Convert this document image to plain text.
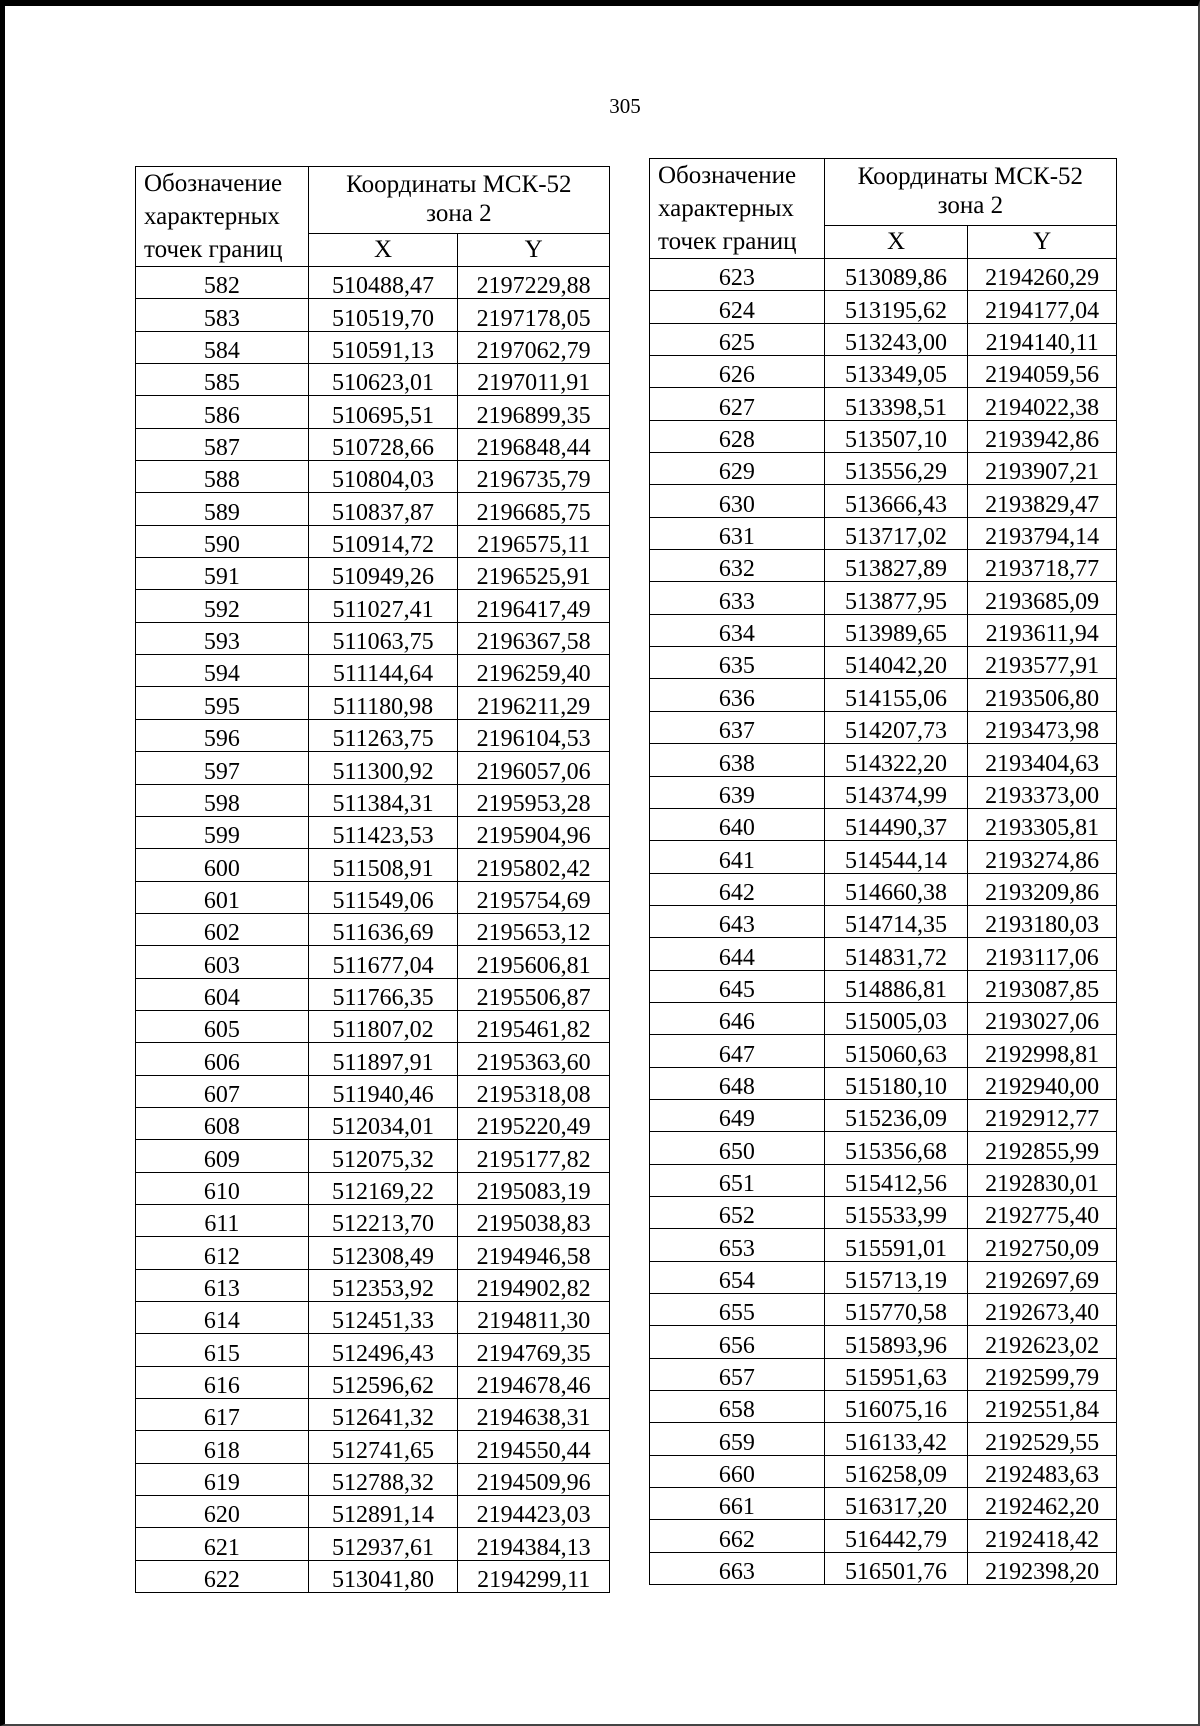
305
Обозначение
характерных
точек границ	Координаты МСК-52
зона 2	
	X	Y
582	510488,47	2197229,88
583	510519,70	2197178,05
584	510591,13	2197062,79
585	510623,01	2197011,91
586	510695,51	2196899,35
587	510728,66	2196848,44
588	510804,03	2196735,79
589	510837,87	2196685,75
590	510914,72	2196575,11
591	510949,26	2196525,91
592	511027,41	2196417,49
593	511063,75	2196367,58
594	511144,64	2196259,40
595	511180,98	2196211,29
596	511263,75	2196104,53
597	511300,92	2196057,06
598	511384,31	2195953,28
599	511423,53	2195904,96
600	511508,91	2195802,42
601	511549,06	2195754,69
602	511636,69	2195653,12
603	511677,04	2195606,81
604	511766,35	2195506,87
605	511807,02	2195461,82
606	511897,91	2195363,60
607	511940,46	2195318,08
608	512034,01	2195220,49
609	512075,32	2195177,82
610	512169,22	2195083,19
611	512213,70	2195038,83
612	512308,49	2194946,58
613	512353,92	2194902,82
614	512451,33	2194811,30
615	512496,43	2194769,35
616	512596,62	2194678,46
617	512641,32	2194638,31
618	512741,65	2194550,44
619	512788,32	2194509,96
620	512891,14	2194423,03
621	512937,61	2194384,13
622	513041,80	2194299,11
Обозначение
характерных
точек границ	Координаты МСК-52
зона 2	
	X	Y
623	513089,86	2194260,29
624	513195,62	2194177,04
625	513243,00	2194140,11
626	513349,05	2194059,56
627	513398,51	2194022,38
628	513507,10	2193942,86
629	513556,29	2193907,21
630	513666,43	2193829,47
631	513717,02	2193794,14
632	513827,89	2193718,77
633	513877,95	2193685,09
634	513989,65	2193611,94
635	514042,20	2193577,91
636	514155,06	2193506,80
637	514207,73	2193473,98
638	514322,20	2193404,63
639	514374,99	2193373,00
640	514490,37	2193305,81
641	514544,14	2193274,86
642	514660,38	2193209,86
643	514714,35	2193180,03
644	514831,72	2193117,06
645	514886,81	2193087,85
646	515005,03	2193027,06
647	515060,63	2192998,81
648	515180,10	2192940,00
649	515236,09	2192912,77
650	515356,68	2192855,99
651	515412,56	2192830,01
652	515533,99	2192775,40
653	515591,01	2192750,09
654	515713,19	2192697,69
655	515770,58	2192673,40
656	515893,96	2192623,02
657	515951,63	2192599,79
658	516075,16	2192551,84
659	516133,42	2192529,55
660	516258,09	2192483,63
661	516317,20	2192462,20
662	516442,79	2192418,42
663	516501,76	2192398,20
